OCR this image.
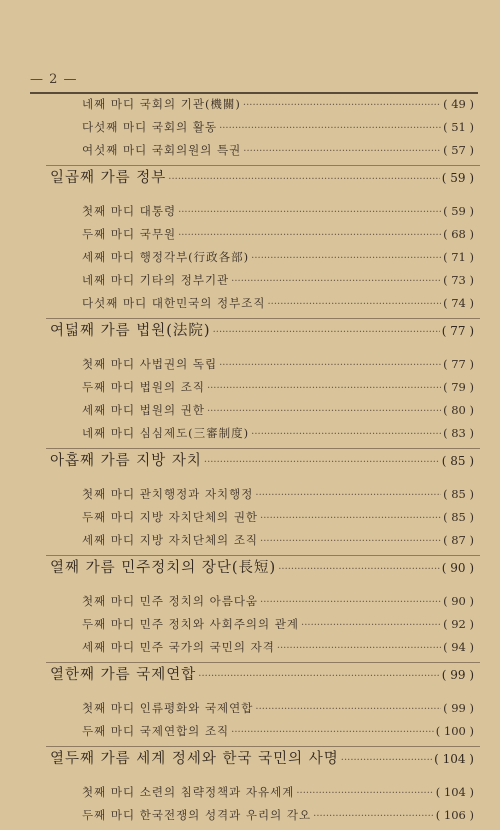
— 2 —
네째 마디 국회의 기관(機關) ·····	( 49 )
다섯째 마디 국회의 활동 ·····	( 51 )
여섯째 마디 국회의원의 특권 ·····	( 57 )
일곱째 가름 정부 ·····	( 59 )
첫째 마디 대통령 ·····	( 59 )
두째 마디 국무원 ·····	( 68 )
세째 마디 행정각부(行政各部) ·····	( 71 )
네째 마디 기타의 정부기관 ·····	( 73 )
다섯째 마디 대한민국의 정부조직 ·····	( 74 )
여덟째 가름 법원(法院) ·····	( 77 )
첫째 마디 사법권의 독립 ·····	( 77 )
두째 마디 법원의 조직 ·····	( 79 )
세째 마디 법원의 권한 ·····	( 80 )
네째 마디 심심제도(三審制度) ·····	( 83 )
아홉째 가름 지방 자치 ·····	( 85 )
첫째 마디 관치행정과 자치행정 ·····	( 85 )
두째 마디 지방 자치단체의 권한 ·····	( 85 )
세째 마디 지방 자치단체의 조직 ·····	( 87 )
열째 가름 민주정치의 장단(長短) ·····	( 90 )
첫째 마디 민주 정치의 아름다움 ·····	( 90 )
두째 마디 민주 정치와 사회주의의 관계 ·····	( 92 )
세째 마디 민주 국가의 국민의 자격 ·····	( 94 )
열한째 가름 국제연합 ·····	( 99 )
첫째 마디 인류평화와 국제연합 ·····	( 99 )
두째 마디 국제연합의 조직 ·····	( 100 )
열두째 가름 세계 정세와 한국 국민의 사명 ·····	( 104 )
첫째 마디 소련의 침략정책과 자유세계 ·····	( 104 )
두째 마디 한국전쟁의 성격과 우리의 각오 ·····	( 106 )
